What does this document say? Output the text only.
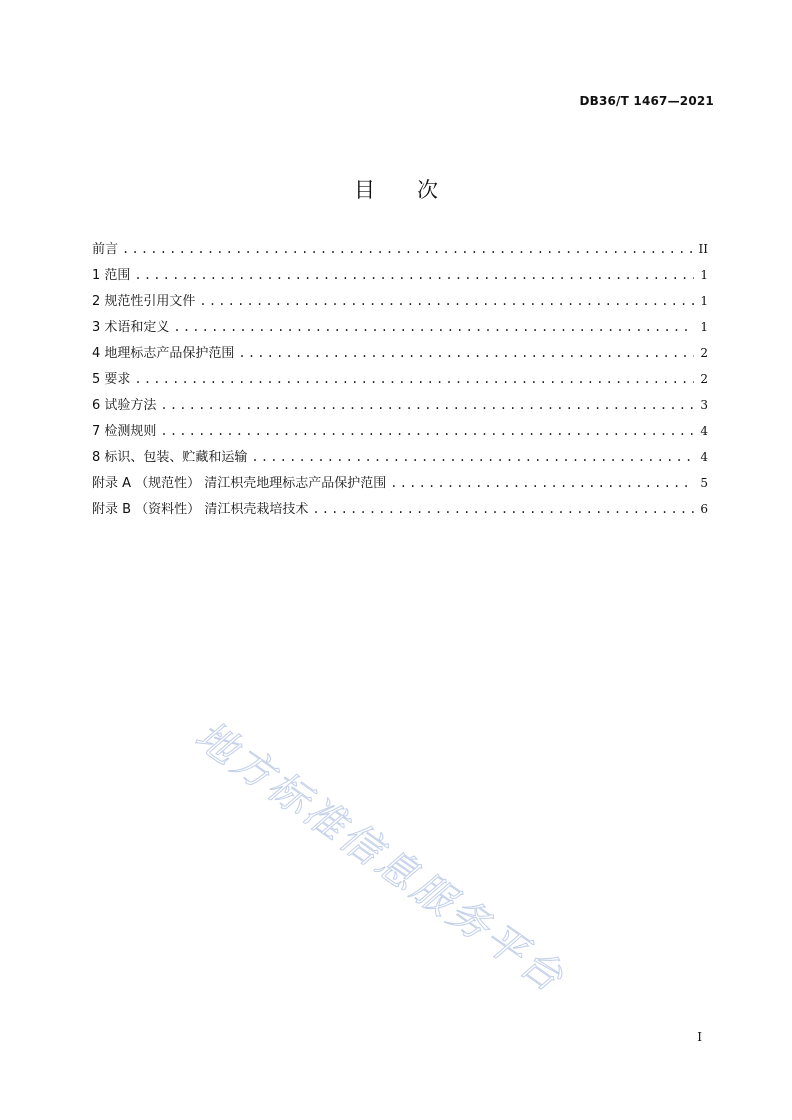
DB36/T 1467—2021
目 次
前言 .....	II
1 范围 .....	1
2 规范性引用文件 .....	1
3 术语和定义 .....	1
4 地理标志产品保护范围 .....	2
5 要求 .....	2
6 试验方法 .....	3
7 检测规则 .....	4
8 标识、包装、贮藏和运输 .....	4
附录 A （规范性） 清江枳壳地理标志产品保护范围 .....	5
附录 B （资料性） 清江枳壳栽培技术 .....	6
地方标准信息服务平台
I
